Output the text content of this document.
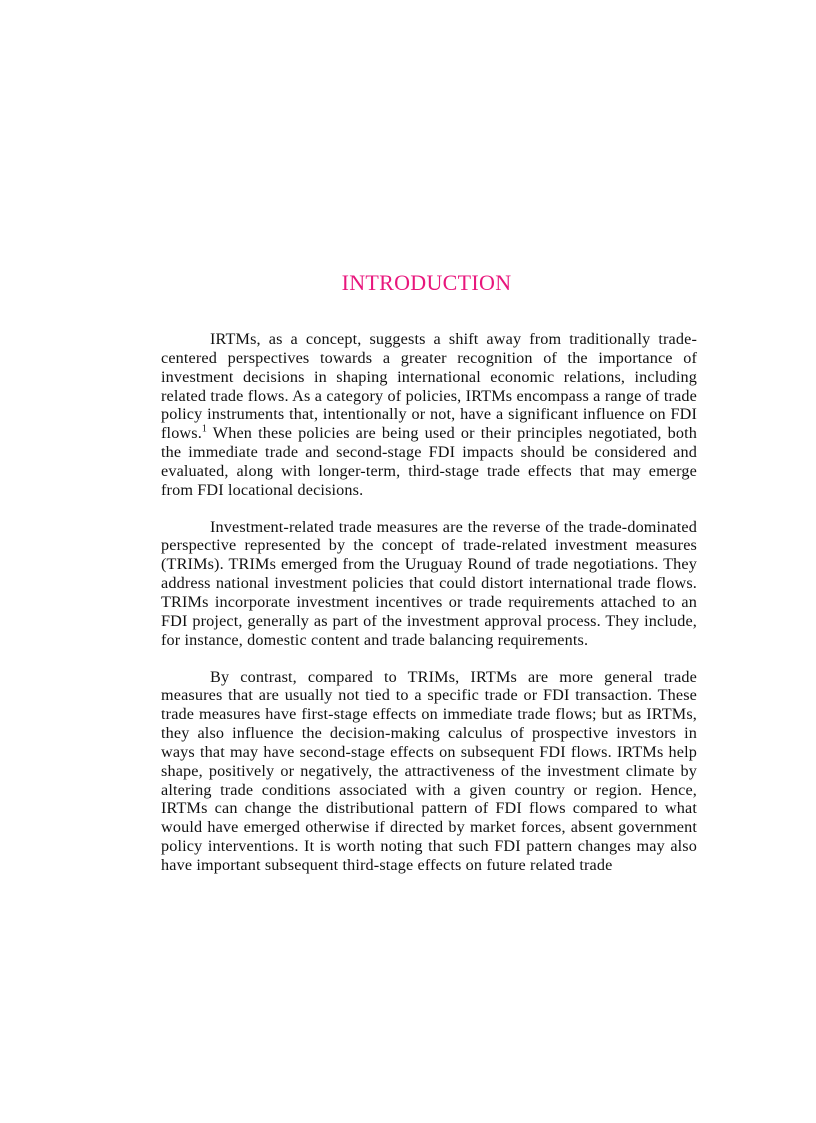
INTRODUCTION

IRTMs, as a concept, suggests a shift away from traditionally trade-centered perspectives towards a greater recognition of the importance of investment decisions in shaping international economic relations, including related trade flows. As a category of policies, IRTMs encompass a range of trade policy instruments that, intentionally or not, have a significant influence on FDI flows.$^1$ When these policies are being used or their principles negotiated, both the immediate trade and second-stage FDI impacts should be considered and evaluated, along with longer-term, third-stage trade effects that may emerge from FDI locational decisions.

Investment-related trade measures are the reverse of the trade-dominated perspective represented by the concept of trade-related investment measures (TRIMs). TRIMs emerged from the Uruguay Round of trade negotiations. They address national investment policies that could distort international trade flows. TRIMs incorporate investment incentives or trade requirements attached to an FDI project, generally as part of the investment approval process. They include, for instance, domestic content and trade balancing requirements.

By contrast, compared to TRIMs, IRTMs are more general trade measures that are usually not tied to a specific trade or FDI transaction. These trade measures have first-stage effects on immediate trade flows; but as IRTMs, they also influence the decision-making calculus of prospective investors in ways that may have second-stage effects on subsequent FDI flows. IRTMs help shape, positively or negatively, the attractiveness of the investment climate by altering trade conditions associated with a given country or region. Hence, IRTMs can change the distributional pattern of FDI flows compared to what would have emerged otherwise if directed by market forces, absent government policy interventions. It is worth noting that such FDI pattern changes may also have important subsequent third-stage effects on future related trade
